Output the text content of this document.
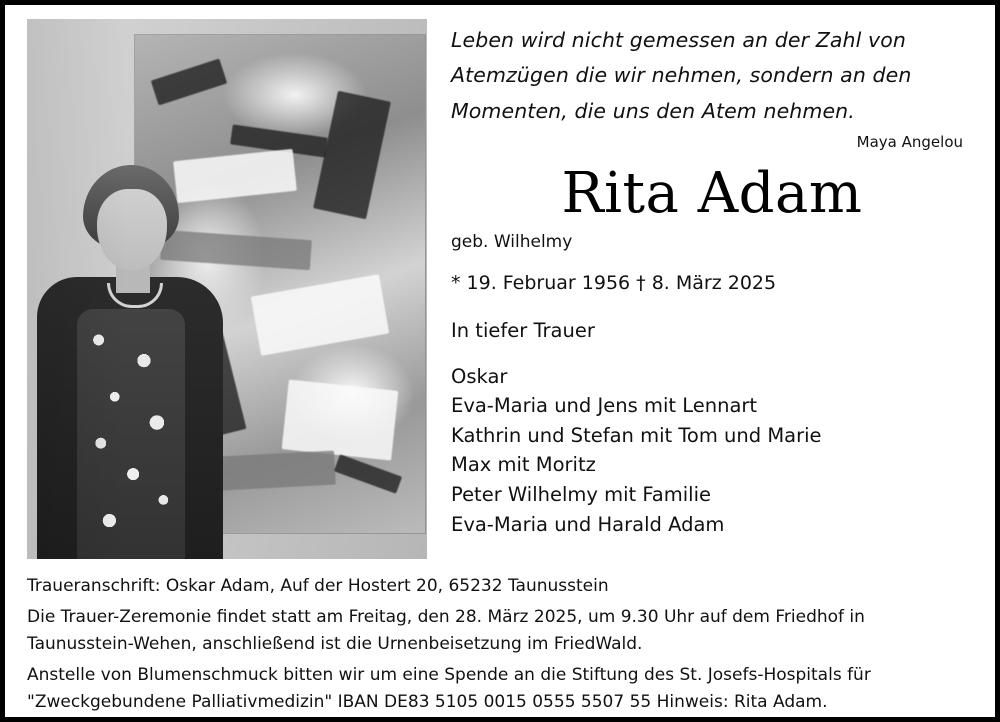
Leben wird nicht gemessen an der Zahl von Atemzügen die wir nehmen, sondern an den Momenten, die uns den Atem nehmen.
Maya Angelou
Rita Adam
geb. Wilhelmy
* 19. Februar 1956 † 8. März 2025
In tiefer Trauer
Oskar
Eva-Maria und Jens mit Lennart
Kathrin und Stefan mit Tom und Marie
Max mit Moritz
Peter Wilhelmy mit Familie
Eva-Maria und Harald Adam
Traueranschrift: Oskar Adam, Auf der Hostert 20, 65232 Taunusstein
Die Trauer-Zeremonie findet statt am Freitag, den 28. März 2025, um 9.30 Uhr auf dem Friedhof in Taunusstein-Wehen, anschließend ist die Urnenbeisetzung im FriedWald.
Anstelle von Blumenschmuck bitten wir um eine Spende an die Stiftung des St. Josefs-Hospitals für "Zweckgebundene Palliativmedizin" IBAN DE83 5105 0015 0555 5507 55 Hinweis: Rita Adam.
